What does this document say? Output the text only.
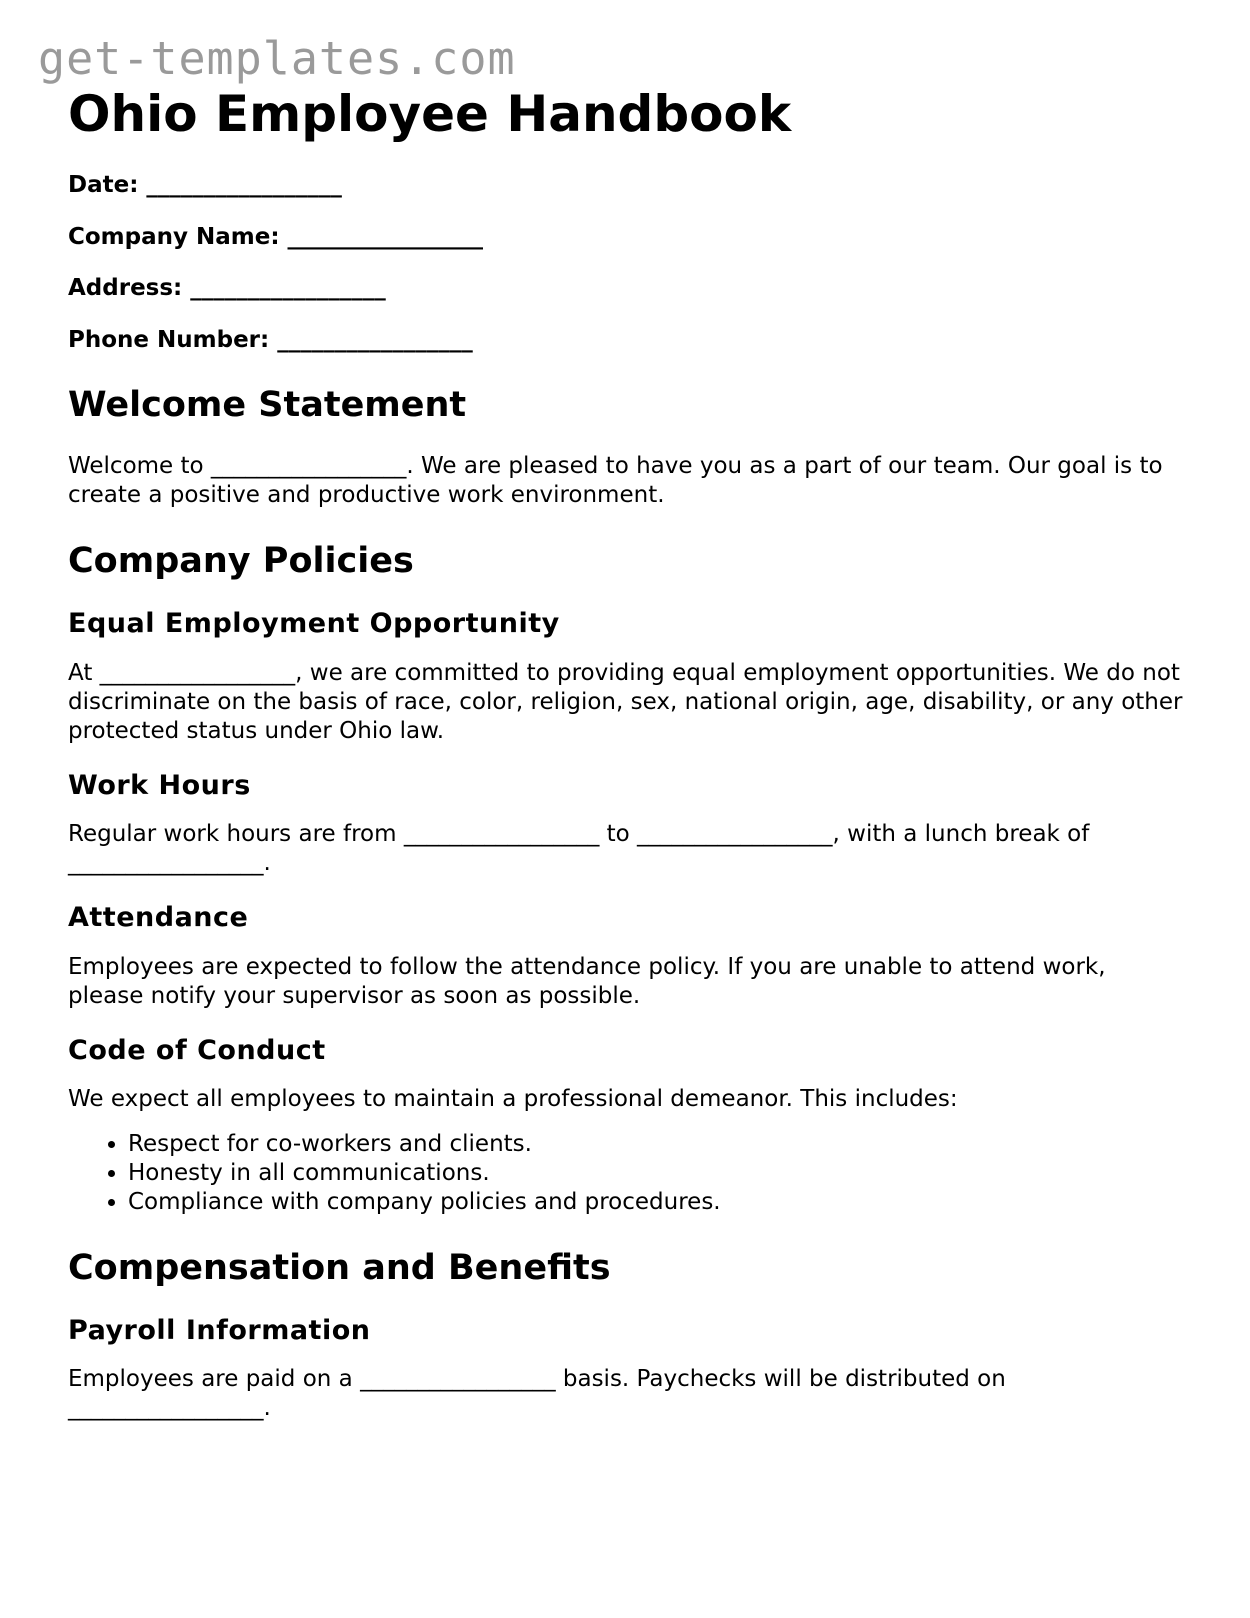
get-templates.com
Ohio Employee Handbook
Date: _________________
Company Name: _________________
Address: _________________
Phone Number: _________________
Welcome Statement

Welcome to _________________. We are pleased to have you as a part of our team. Our goal is to create a positive and productive work environment.

Company Policies
Equal Employment Opportunity

At _________________, we are committed to providing equal employment opportunities. We do not discriminate on the basis of race, color, religion, sex, national origin, age, disability, or any other protected status under Ohio law.

Work Hours

Regular work hours are from _________________ to _________________, with a lunch break of _________________.

Attendance

Employees are expected to follow the attendance policy. If you are unable to attend work, please notify your supervisor as soon as possible.

Code of Conduct

We expect all employees to maintain a professional demeanor. This includes:

• Respect for co-workers and clients.
• Honesty in all communications.
• Compliance with company policies and procedures.
Compensation and Benefits
Payroll Information

Employees are paid on a _________________ basis. Paychecks will be distributed on _________________.
